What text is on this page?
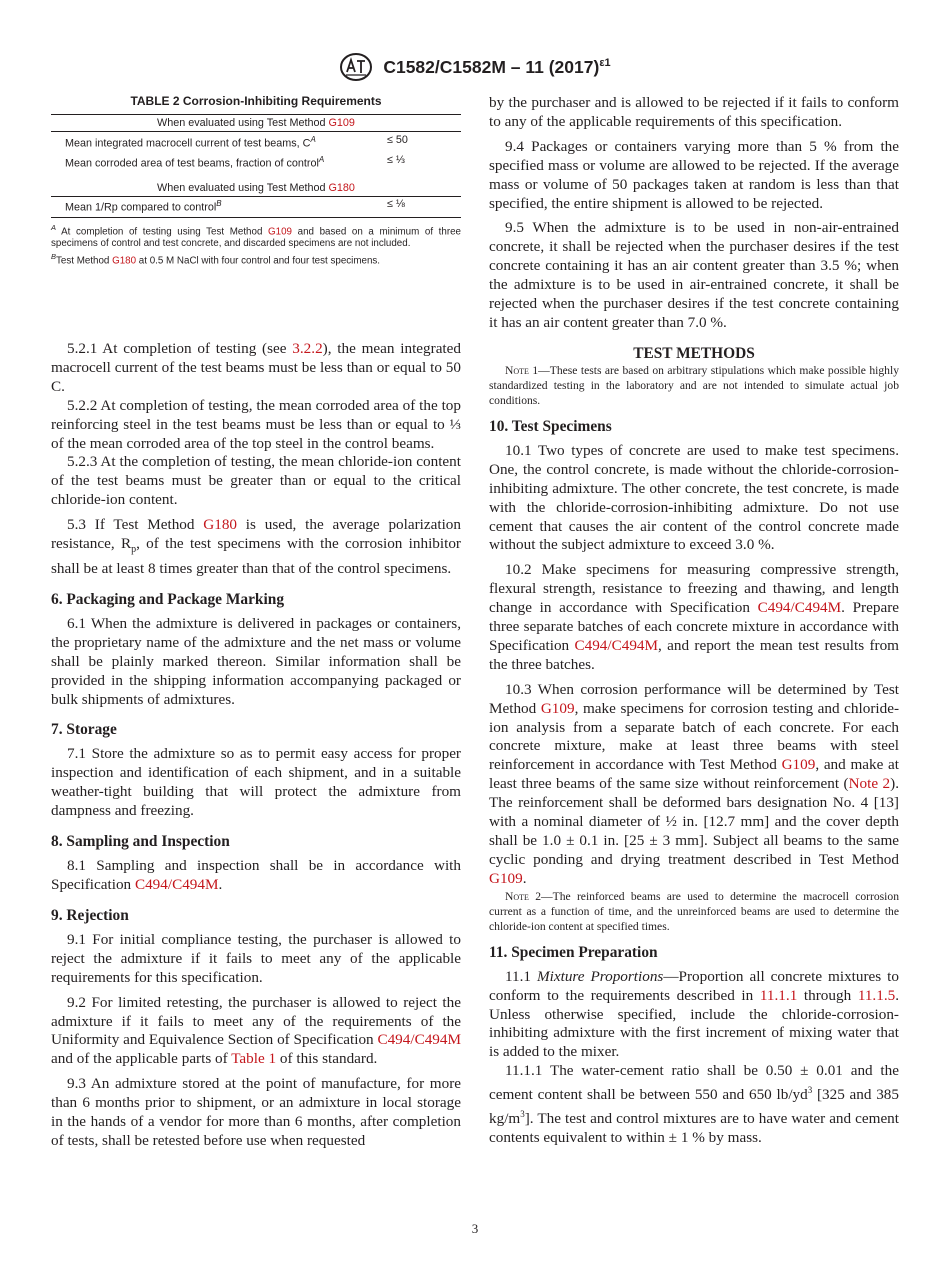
C1582/C1582M – 11 $(2017)^{\varepsilon 1}$
TABLE 2 Corrosion-Inhibiting Requirements
When evaluated using Test Method G109
Mean integrated macrocell current of test beams, $C^A$	≤ 50
Mean corroded area of test beams, fraction of control$^A$	≤ ⅓
When evaluated using Test Method G180
Mean 1/Rp compared to control$^B$	≤ ⅛
$^A$ At completion of testing using Test Method G109 and based on a minimum of three specimens of control and test concrete, and discarded specimens are not included.
$^B$Test Method G180 at 0.5 M NaCl with four control and four test specimens.

5.2.1 At completion of testing (see 3.2.2), the mean integrated macrocell current of the test beams must be less than or equal to 50 C.

5.2.2 At completion of testing, the mean corroded area of the top reinforcing steel in the test beams must be less than or equal to ⅓ of the mean corroded area of the top steel in the control beams.

5.2.3 At the completion of testing, the mean chloride-ion content of the test beams must be greater than or equal to the critical chloride-ion content.

5.3 If Test Method G180 is used, the average polarization resistance, $R_p$, of the test specimens with the corrosion inhibitor shall be at least 8 times greater than that of the control specimens.

6. Packaging and Package Marking

6.1 When the admixture is delivered in packages or containers, the proprietary name of the admixture and the net mass or volume shall be plainly marked thereon. Similar information shall be provided in the shipping information accompanying packaged or bulk shipments of admixtures.

7. Storage

7.1 Store the admixture so as to permit easy access for proper inspection and identification of each shipment, and in a suitable weather-tight building that will protect the admixture from dampness and freezing.

8. Sampling and Inspection

8.1 Sampling and inspection shall be in accordance with Specification C494/C494M.

9. Rejection

9.1 For initial compliance testing, the purchaser is allowed to reject the admixture if it fails to meet any of the applicable requirements for this specification.

9.2 For limited retesting, the purchaser is allowed to reject the admixture if it fails to meet any of the requirements of the Uniformity and Equivalence Section of Specification C494/C494M and of the applicable parts of Table 1 of this standard.

9.3 An admixture stored at the point of manufacture, for more than 6 months prior to shipment, or an admixture in local storage in the hands of a vendor for more than 6 months, after completion of tests, shall be retested before use when requested

by the purchaser and is allowed to be rejected if it fails to conform to any of the applicable requirements of this specification.

9.4 Packages or containers varying more than 5 % from the specified mass or volume are allowed to be rejected. If the average mass or volume of 50 packages taken at random is less than that specified, the entire shipment is allowed to be rejected.

9.5 When the admixture is to be used in non-air-entrained concrete, it shall be rejected when the purchaser desires if the test concrete containing it has an air content greater than 3.5 %; when the admixture is to be used in air-entrained concrete, it shall be rejected when the purchaser desires if the test concrete containing it has an air content greater than 7.0 %.

TEST METHODS

Note 1—These tests are based on arbitrary stipulations which make possible highly standardized testing in the laboratory and are not intended to simulate actual job conditions.

10. Test Specimens

10.1 Two types of concrete are used to make test specimens. One, the control concrete, is made without the chloride-corrosion-inhibiting admixture. The other concrete, the test concrete, is made with the chloride-corrosion-inhibiting admixture. Do not use cement that causes the air content of the control concrete made without the subject admixture to exceed 3.0 %.

10.2 Make specimens for measuring compressive strength, flexural strength, resistance to freezing and thawing, and length change in accordance with Specification C494/C494M. Prepare three separate batches of each concrete mixture in accordance with Specification C494/C494M, and report the mean test results from the three batches.

10.3 When corrosion performance will be determined by Test Method G109, make specimens for corrosion testing and chloride-ion analysis from a separate batch of each concrete. For each concrete mixture, make at least three beams with steel reinforcement in accordance with Test Method G109, and make at least three beams of the same size without reinforcement (Note 2). The reinforcement shall be deformed bars designation No. 4 [13] with a nominal diameter of ½ in. [12.7 mm] and the cover depth shall be 1.0 ± 0.1 in. [25 ± 3 mm]. Subject all beams to the same cyclic ponding and drying treatment described in Test Method G109.

Note 2—The reinforced beams are used to determine the macrocell corrosion current as a function of time, and the unreinforced beams are used to determine the chloride-ion content at specified times.

11. Specimen Preparation

11.1 Mixture Proportions—Proportion all concrete mixtures to conform to the requirements described in 11.1.1 through 11.1.5. Unless otherwise specified, include the chloride-corrosion-inhibiting admixture with the first increment of mixing water that is added to the mixer.

11.1.1 The water-cement ratio shall be 0.50 ± 0.01 and the cement content shall be between 550 and 650 $lb/yd^3$ [325 and 385 $kg/m^3$]. The test and control mixtures are to have water and cement contents equivalent to within ± 1 % by mass.

3
